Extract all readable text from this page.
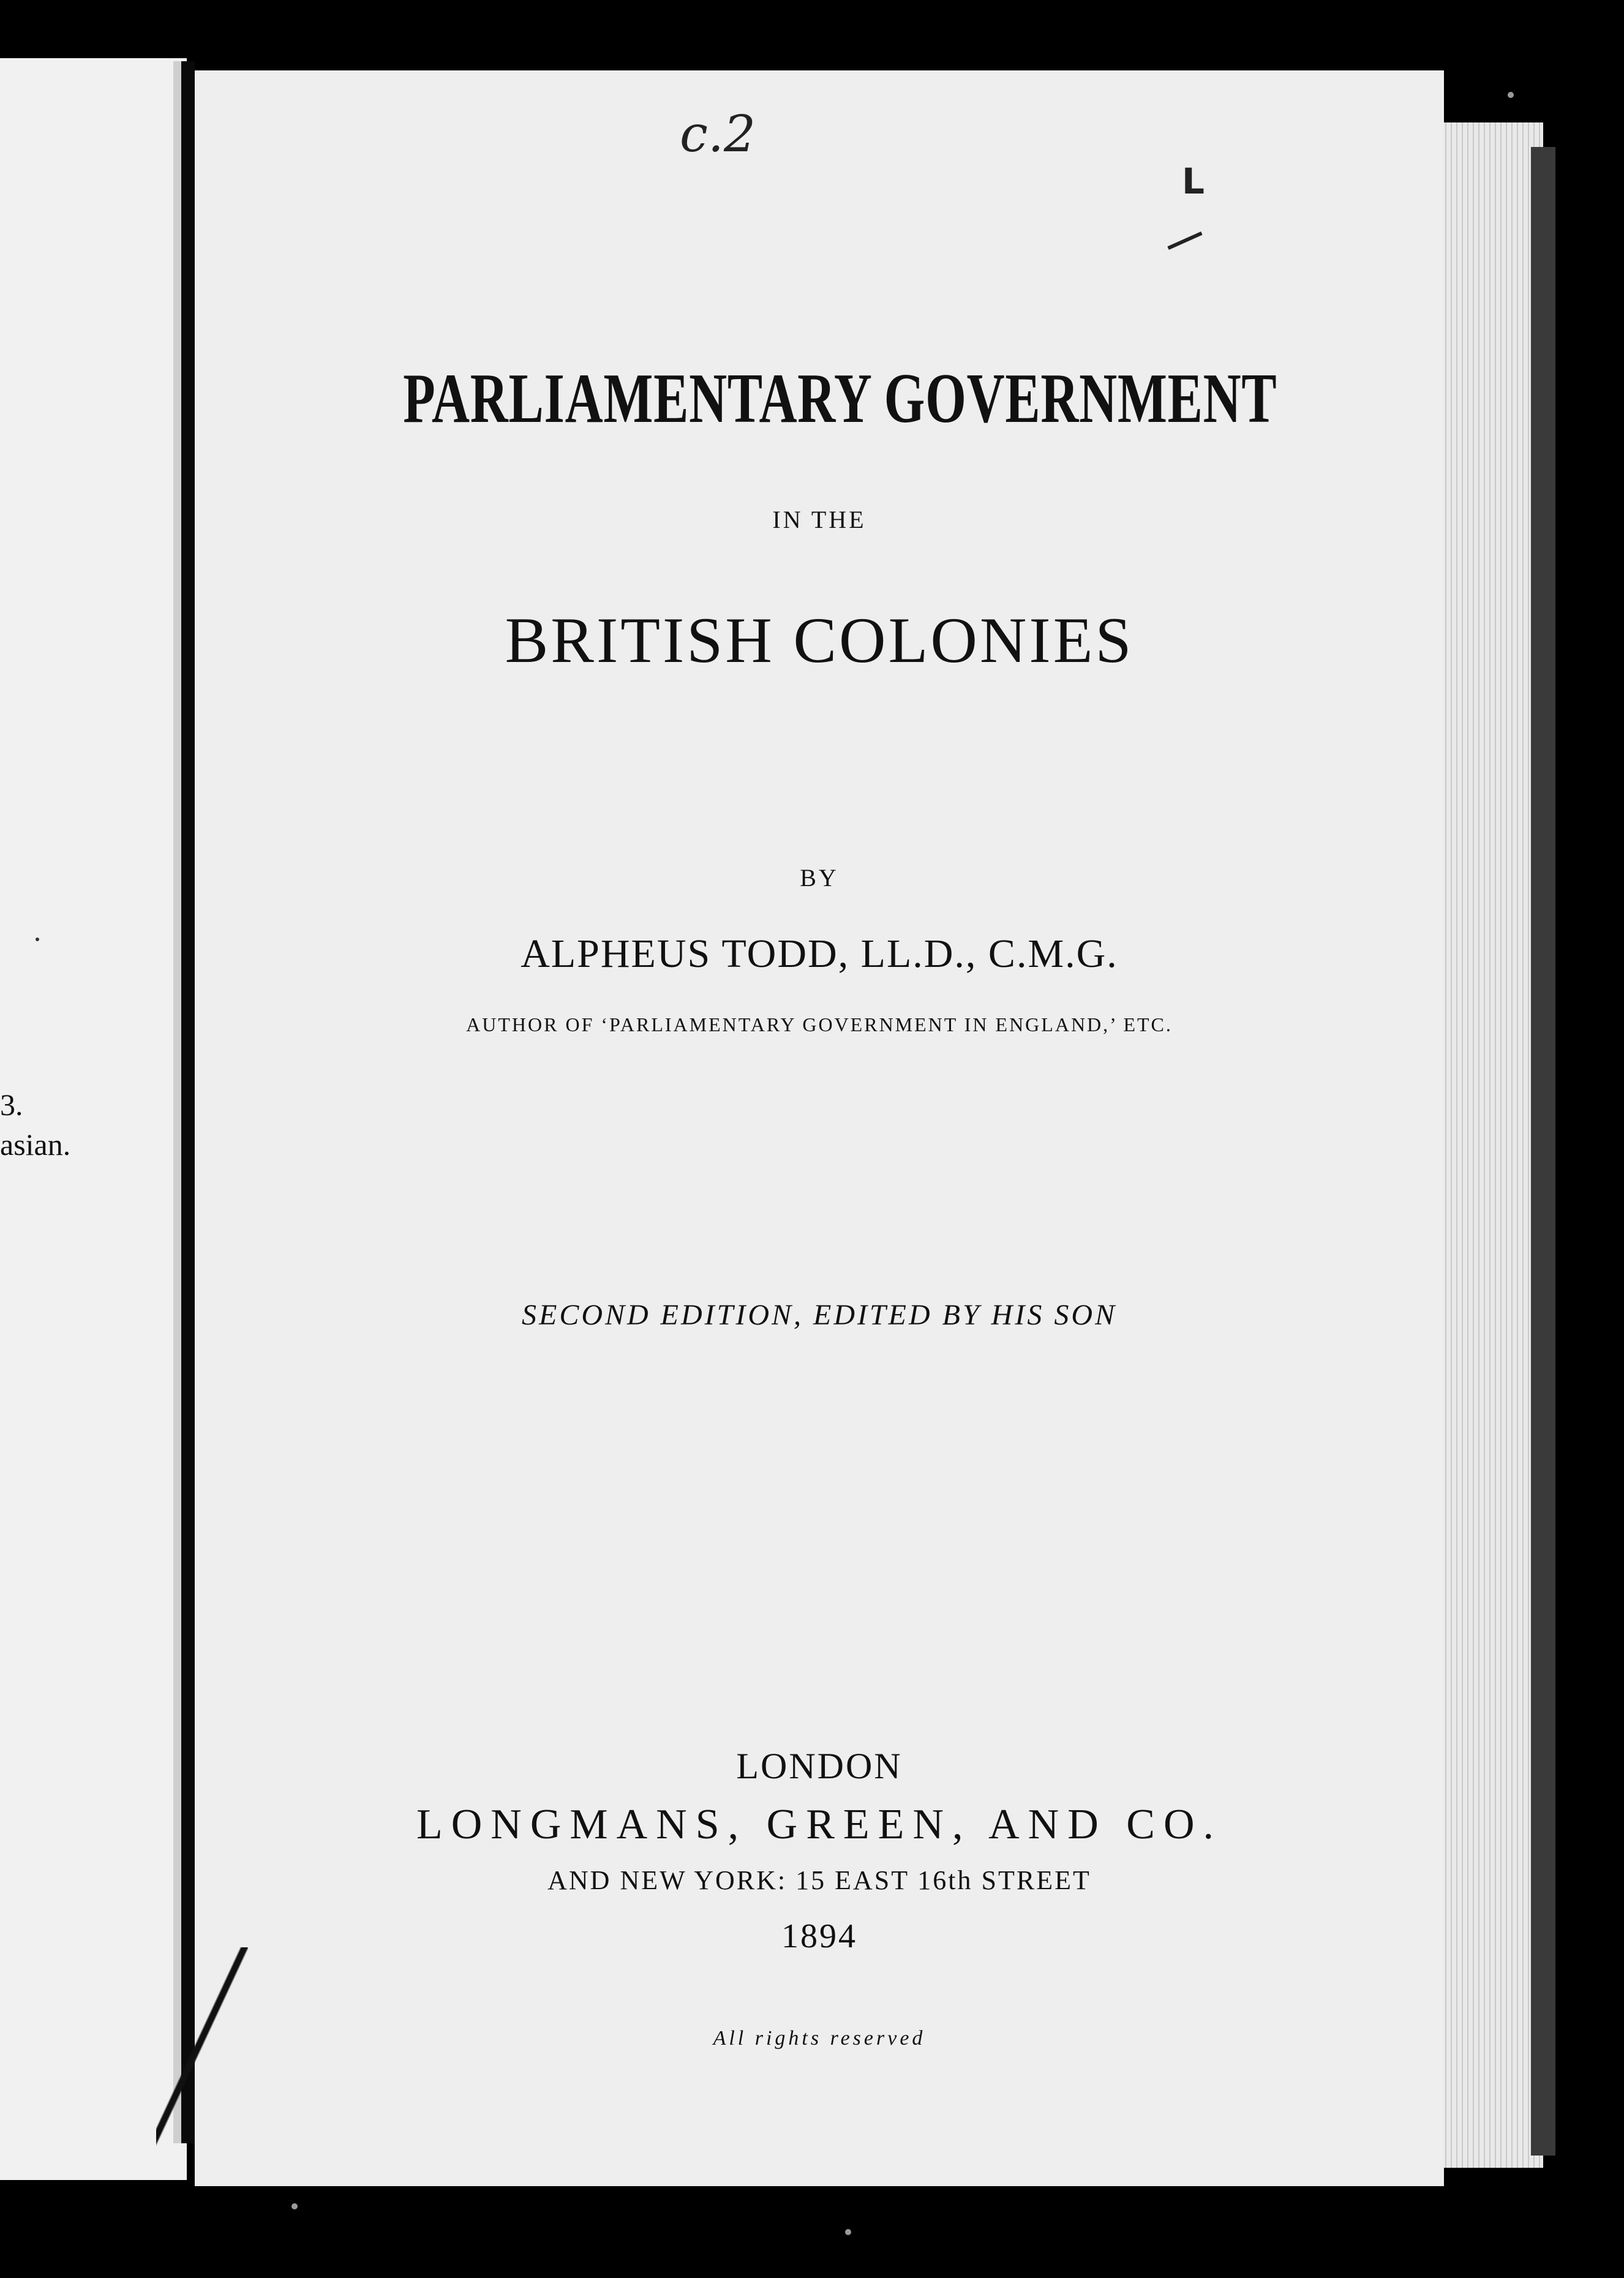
3.
asian.
c.2
L
PARLIAMENTARY GOVERNMENT
IN THE
BRITISH COLONIES
BY
ALPHEUS TODD, LL.D., C.M.G.
AUTHOR OF ‘PARLIAMENTARY GOVERNMENT IN ENGLAND,’ ETC.
SECOND EDITION, EDITED BY HIS SON
LONDON
LONGMANS, GREEN, AND CO.
AND NEW YORK: 15 EAST 16th STREET
1894
All rights reserved
